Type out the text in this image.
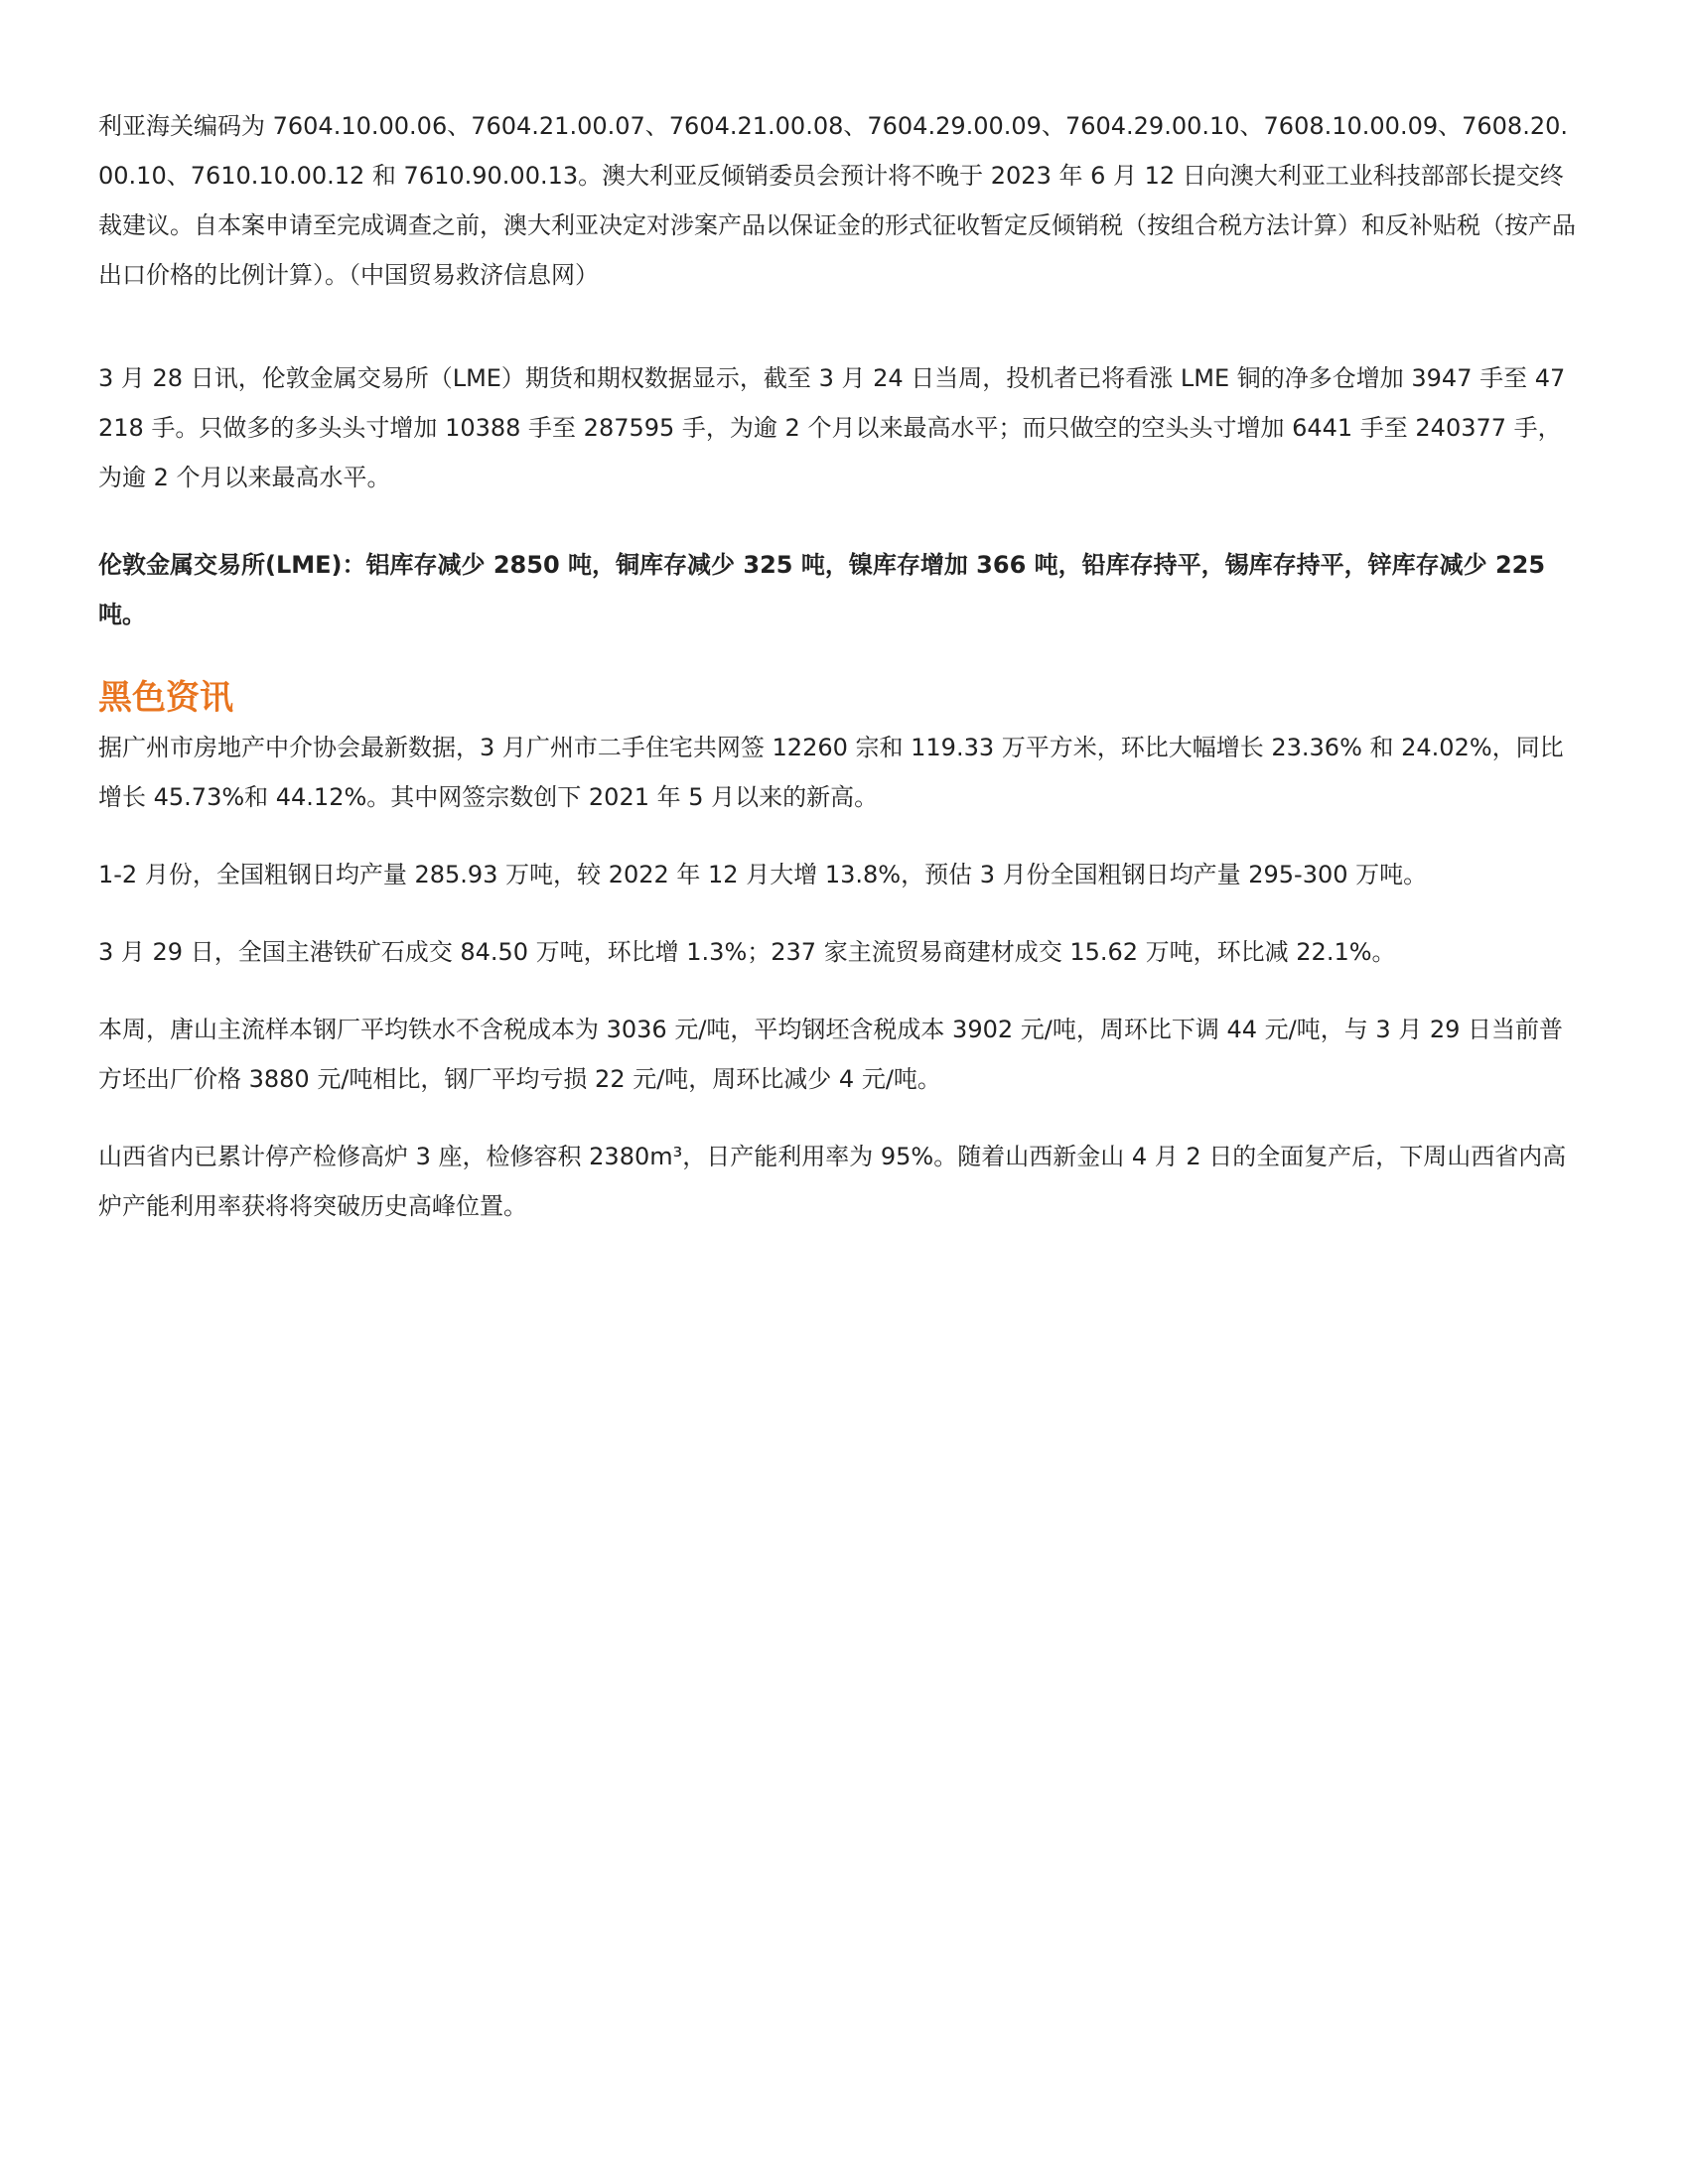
利亚海关编码为 7604.10.00.06、7604.21.00.07、7604.21.00.08、7604.29.00.09、7604.29.00.10、7608.10.00.09、7608.20.00.10、7610.10.00.12 和 7610.90.00.13。澳大利亚反倾销委员会预计将不晚于 2023 年 6 月 12 日向澳大利亚工业科技部部长提交终裁建议。自本案申请至完成调查之前，澳大利亚决定对涉案产品以保证金的形式征收暂定反倾销税（按组合税方法计算）和反补贴税（按产品出口价格的比例计算）。（中国贸易救济信息网）

3 月 28 日讯，伦敦金属交易所（LME）期货和期权数据显示，截至 3 月 24 日当周，投机者已将看涨 LME 铜的净多仓增加 3947 手至 47218 手。只做多的多头头寸增加 10388 手至 287595 手，为逾 2 个月以来最高水平；而只做空的空头头寸增加 6441 手至 240377 手，为逾 2 个月以来最高水平。

伦敦金属交易所(LME)：铝库存减少 2850 吨，铜库存减少 325 吨，镍库存增加 366 吨，铅库存持平，锡库存持平，锌库存减少 225 吨。

黑色资讯

据广州市房地产中介协会最新数据，3 月广州市二手住宅共网签 12260 宗和 119.33 万平方米，环比大幅增长 23.36% 和 24.02%，同比增长 45.73%和 44.12%。其中网签宗数创下 2021 年 5 月以来的新高。

1-2 月份，全国粗钢日均产量 285.93 万吨，较 2022 年 12 月大增 13.8%，预估 3 月份全国粗钢日均产量 295-300 万吨。

3 月 29 日，全国主港铁矿石成交 84.50 万吨，环比增 1.3%；237 家主流贸易商建材成交 15.62 万吨，环比减 22.1%。

本周，唐山主流样本钢厂平均铁水不含税成本为 3036 元/吨，平均钢坯含税成本 3902 元/吨，周环比下调 44 元/吨，与 3 月 29 日当前普方坯出厂价格 3880 元/吨相比，钢厂平均亏损 22 元/吨，周环比减少 4 元/吨。

山西省内已累计停产检修高炉 3 座，检修容积 2380m³，日产能利用率为 95%。随着山西新金山 4 月 2 日的全面复产后，下周山西省内高炉产能利用率获将将突破历史高峰位置。
